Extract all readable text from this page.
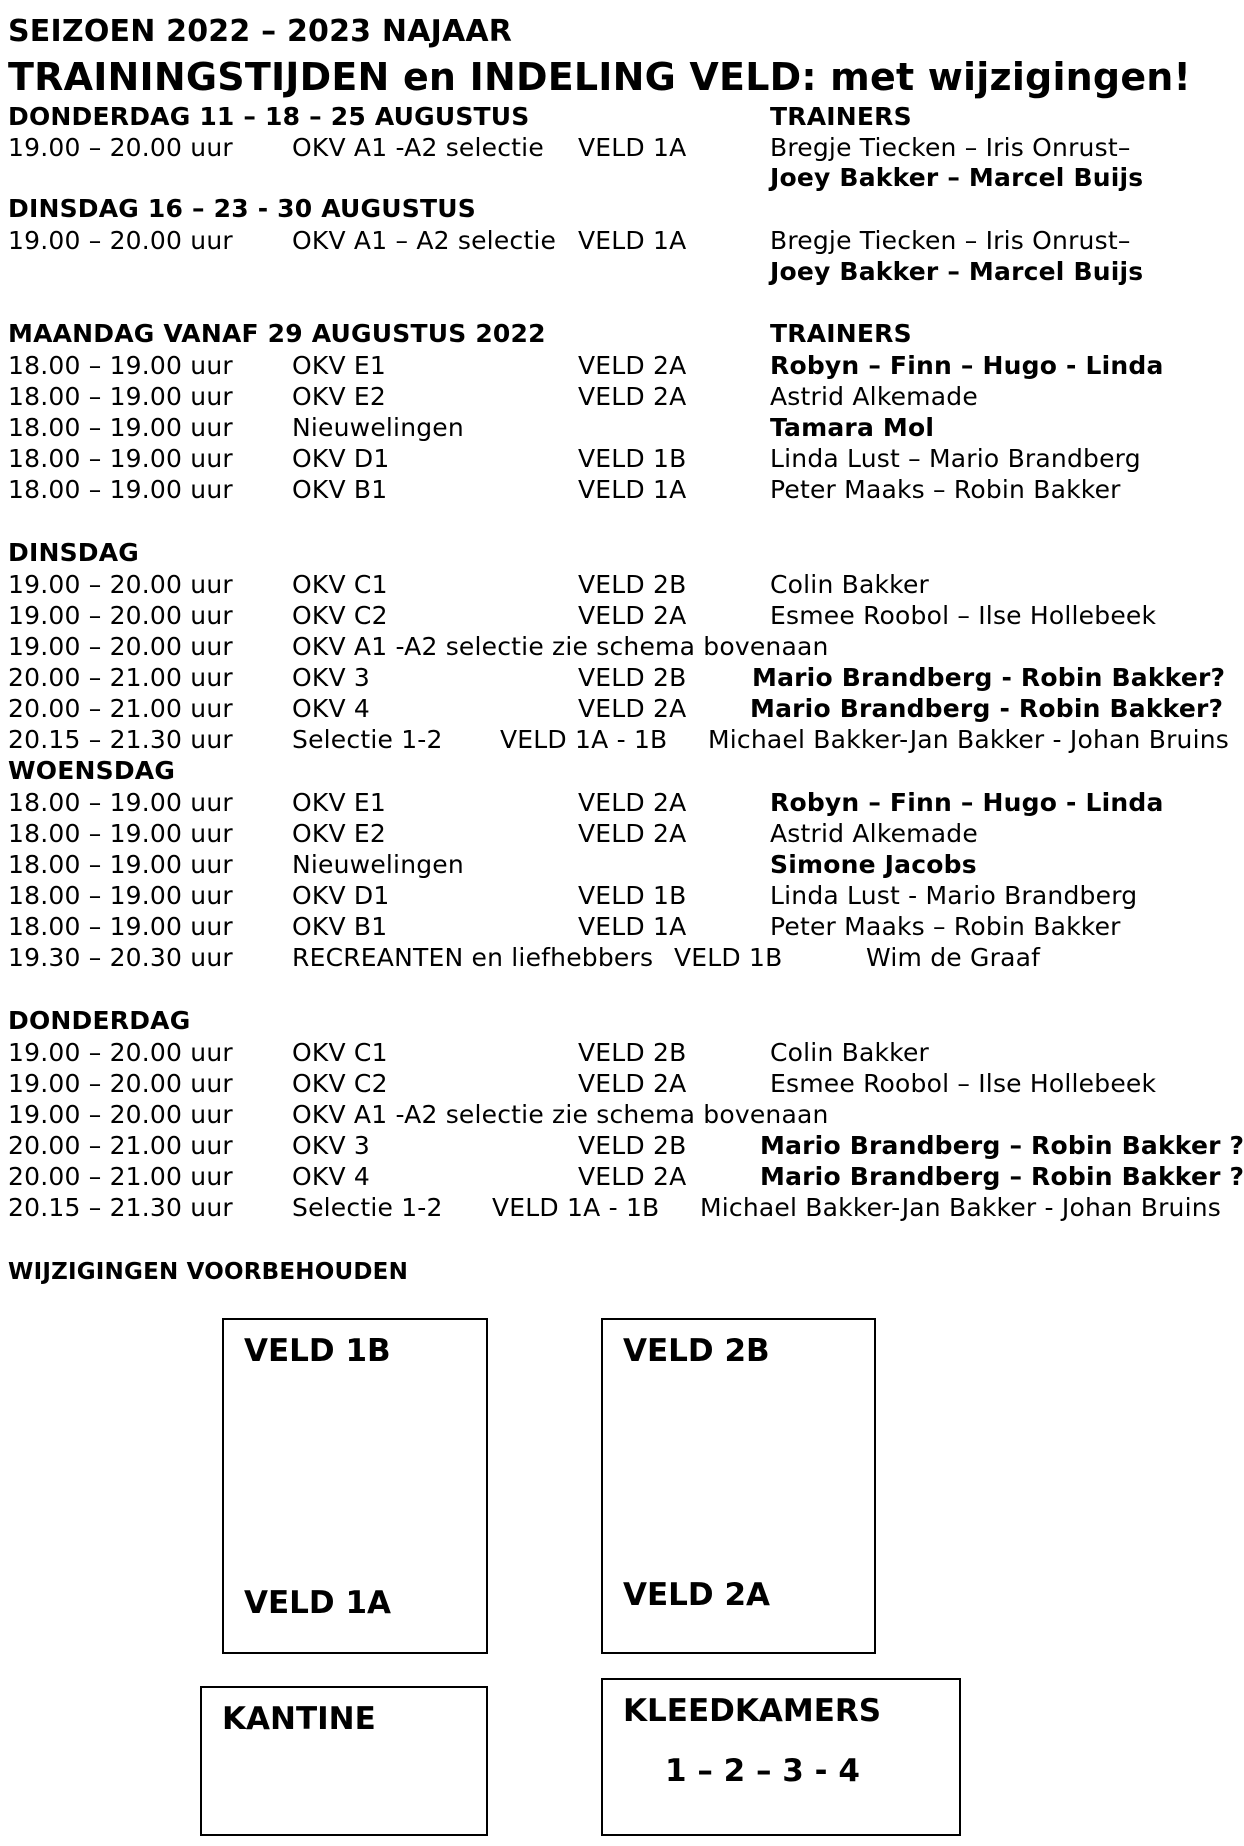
SEIZOEN 2022 – 2023 NAJAAR
TRAININGSTIJDEN en INDELING VELD: met wijzigingen!
DONDERDAG 11 – 18 – 25 AUGUSTUS	TRAINERS
19.00 – 20.00 uur OKV A1 -A2 selectie VELD 1A	Bregje Tiecken – Iris Onrust–
Joey Bakker – Marcel Buijs
DINSDAG 16 – 23 - 30 AUGUSTUS
19.00 – 20.00 uur OKV A1 – A2 selectie VELD 1A	Bregje Tiecken – Iris Onrust–
Joey Bakker – Marcel Buijs
MAANDAG VANAF 29 AUGUSTUS 2022	TRAINERS
18.00 – 19.00 uur OKV E1	VELD 2A	Robyn – Finn – Hugo - Linda
18.00 – 19.00 uur OKV E2	VELD 2A	Astrid Alkemade
18.00 – 19.00 uur Nieuwelingen	Tamara Mol
18.00 – 19.00 uur OKV D1	VELD 1B	Linda Lust – Mario Brandberg
18.00 – 19.00 uur OKV B1	VELD 1A	Peter Maaks – Robin Bakker
DINSDAG
19.00 – 20.00 uur OKV C1	VELD 2B	Colin Bakker
19.00 – 20.00 uur OKV C2	VELD 2A	Esmee Roobol – Ilse Hollebeek
19.00 – 20.00 uur OKV A1 -A2 selectie zie schema bovenaan
20.00 – 21.00 uur OKV 3	VELD 2B	Mario Brandberg - Robin Bakker?
20.00 – 21.00 uur OKV 4	VELD 2A	Mario Brandberg - Robin Bakker?
20.15 – 21.30 uur Selectie 1-2 VELD 1A - 1B Michael Bakker-Jan Bakker - Johan Bruins
WOENSDAG
18.00 – 19.00 uur OKV E1	VELD 2A	Robyn – Finn – Hugo - Linda
18.00 – 19.00 uur OKV E2	VELD 2A	Astrid Alkemade
18.00 – 19.00 uur Nieuwelingen	Simone Jacobs
18.00 – 19.00 uur OKV D1	VELD 1B	Linda Lust - Mario Brandberg
18.00 – 19.00 uur OKV B1	VELD 1A	Peter Maaks – Robin Bakker
19.30 – 20.30 uur RECREANTEN en liefhebbers VELD 1B	Wim de Graaf
DONDERDAG
19.00 – 20.00 uur OKV C1	VELD 2B	Colin Bakker
19.00 – 20.00 uur OKV C2	VELD 2A	Esmee Roobol – Ilse Hollebeek
19.00 – 20.00 uur OKV A1 -A2 selectie zie schema bovenaan
20.00 – 21.00 uur OKV 3	VELD 2B	Mario Brandberg – Robin Bakker ?
20.00 – 21.00 uur OKV 4	VELD 2A	Mario Brandberg – Robin Bakker ?
20.15 – 21.30 uur Selectie 1-2 VELD 1A - 1B Michael Bakker-Jan Bakker - Johan Bruins
WIJZIGINGEN VOORBEHOUDEN
VELD 1B
VELD 1A
VELD 2B
VELD 2A
KANTINE	KLEEDKAMERS
1 – 2 – 3 - 4
